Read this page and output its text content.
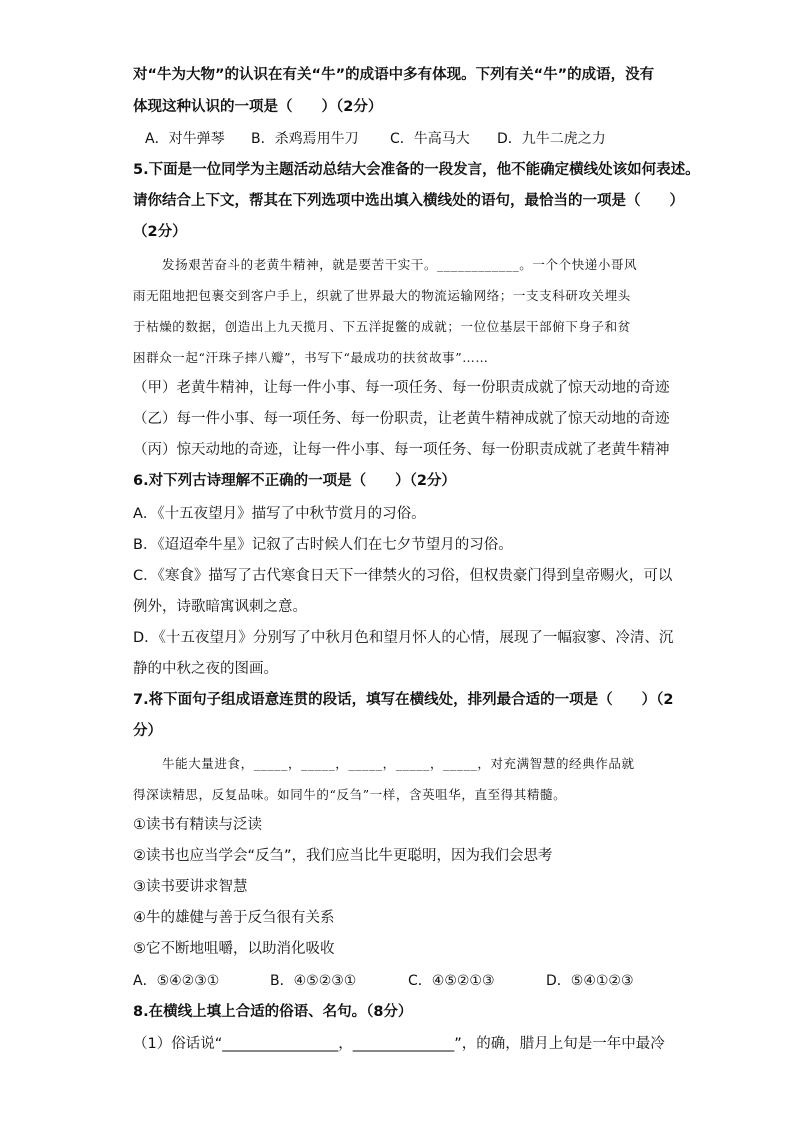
对“牛为大物”的认识在有关“牛”的成语中多有体现。下列有关“牛”的成语，没有
体现这种认识的一项是（　　）（2分）
A．对牛弹琴 B．杀鸡焉用牛刀 C．牛高马大 D．九牛二虎之力
5.下面是一位同学为主题活动总结大会准备的一段发言，他不能确定横线处该如何表述。
请你结合上下文，帮其在下列选项中选出填入横线处的语句，最恰当的一项是（　　）
（2分）
发扬艰苦奋斗的老黄牛精神，就是要苦干实干。____________。一个个快递小哥风
雨无阻地把包裹交到客户手上，织就了世界最大的物流运输网络；一支支科研攻关埋头
于枯燥的数据，创造出上九天揽月、下五洋捉鳖的成就；一位位基层干部俯下身子和贫
困群众一起“汗珠子摔八瓣”，书写下“最成功的扶贫故事”……
（甲）老黄牛精神，让每一件小事、每一项任务、每一份职责成就了惊天动地的奇迹
（乙）每一件小事、每一项任务、每一份职责，让老黄牛精神成就了惊天动地的奇迹
（丙）惊天动地的奇迹，让每一件小事、每一项任务、每一份职责成就了老黄牛精神
6.对下列古诗理解不正确的一项是（　　）（2分）
A．《十五夜望月》描写了中秋节赏月的习俗。
B．《迢迢牵牛星》记叙了古时候人们在七夕节望月的习俗。
C．《寒食》描写了古代寒食日天下一律禁火的习俗，但权贵豪门得到皇帝赐火，可以
例外，诗歌暗寓讽刺之意。
D．《十五夜望月》分别写了中秋月色和望月怀人的心情，展现了一幅寂寥、冷清、沉
静的中秋之夜的图画。
7.将下面句子组成语意连贯的段话，填写在横线处，排列最合适的一项是（　　）（2
分）
牛能大量进食，_____，_____，_____，_____，_____，对充满智慧的经典作品就
得深读精思，反复品味。如同牛的“反刍”一样，含英咀华，直至得其精髓。
①读书有精读与泛读
②读书也应当学会“反刍”，我们应当比牛更聪明，因为我们会思考
③读书要讲求智慧
④牛的雄健与善于反刍很有关系
⑤它不断地咀嚼，以助消化吸收
A．⑤④②③①	B．④⑤②③①	C．④⑤②①③	D．⑤④①②③
8.在横线上填上合适的俗语、名句。（8分）
（1）俗话说“________________，______________”，的确，腊月上旬是一年中最冷
